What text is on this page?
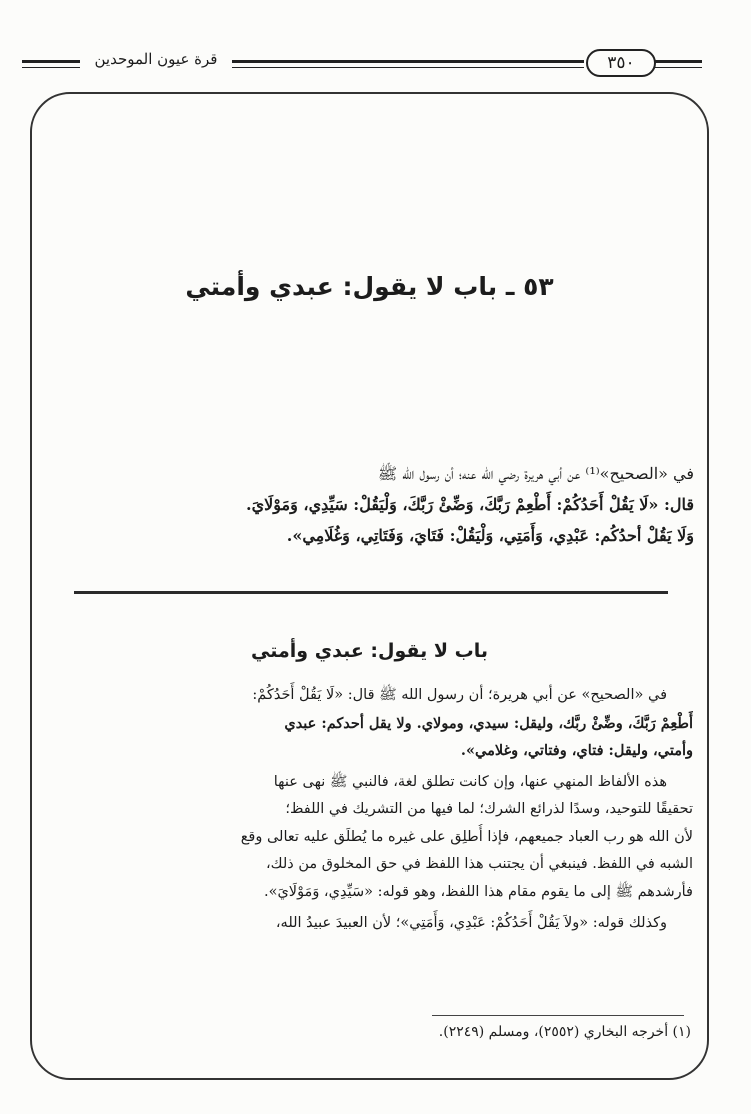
قرة عيون الموحدين	٣٥٠
٥٣ ـ باب لا يقول: عبدي وأمتي
في «الصحيح»⁽¹⁾ عن أبي هريرة رضي الله عنه؛ أن رسول الله ﷺ
قال: «لَا يَقُلْ أَحَدُكُمْ: أَطْعِمْ رَبَّكَ، وَضِّئْ رَبَّكَ، وَلْيَقُلْ: سَيِّدِي، وَمَوْلَايَ.
وَلَا يَقُلْ أحدُكُم: عَبْدِي، وَأَمَتِي، وَلْيَقُلْ: فَتَايَ، وَفَتَاتِي، وَغُلَامِي».
باب لا يقول: عبدي وأمتي
في «الصحيح» عن أبي هريرة؛ أن رسول الله ﷺ قال: «لَا يَقُلْ أَحَدُكُمْ:
أَطْعِمْ رَبَّكَ، وضِّئْ ربَّك، وليقل: سيدي، ومولاي. ولا يقل أحدكم: عبدي
وأمتي، وليقل: فتاي، وفتاتي، وغلامي».
هذه الألفاظ المنهي عنها، وإن كانت تطلق لغة، فالنبي ﷺ نهى عنها
تحقيقًا للتوحيد، وسدًا لذرائع الشرك؛ لما فيها من التشريك في اللفظ؛
لأن الله هو رب العباد جميعهم، فإذا أُطلِق على غيره ما يُطلَق عليه تعالى وقع
الشبه في اللفظ. فينبغي أن يجتنب هذا اللفظ في حق المخلوق من ذلك،
فأرشدهم ﷺ إلى ما يقوم مقام هذا اللفظ، وهو قوله: «سَيِّدِي، وَمَوْلَايَ».
وكذلك قوله: «ولاَ يَقُلْ أَحَدُكُمْ: عَبْدِي، وَأَمَتِي»؛ لأن العبيدَ عبيدُ الله،
(١) أخرجه البخاري (٢٥٥٢)، ومسلم (٢٢٤٩).
